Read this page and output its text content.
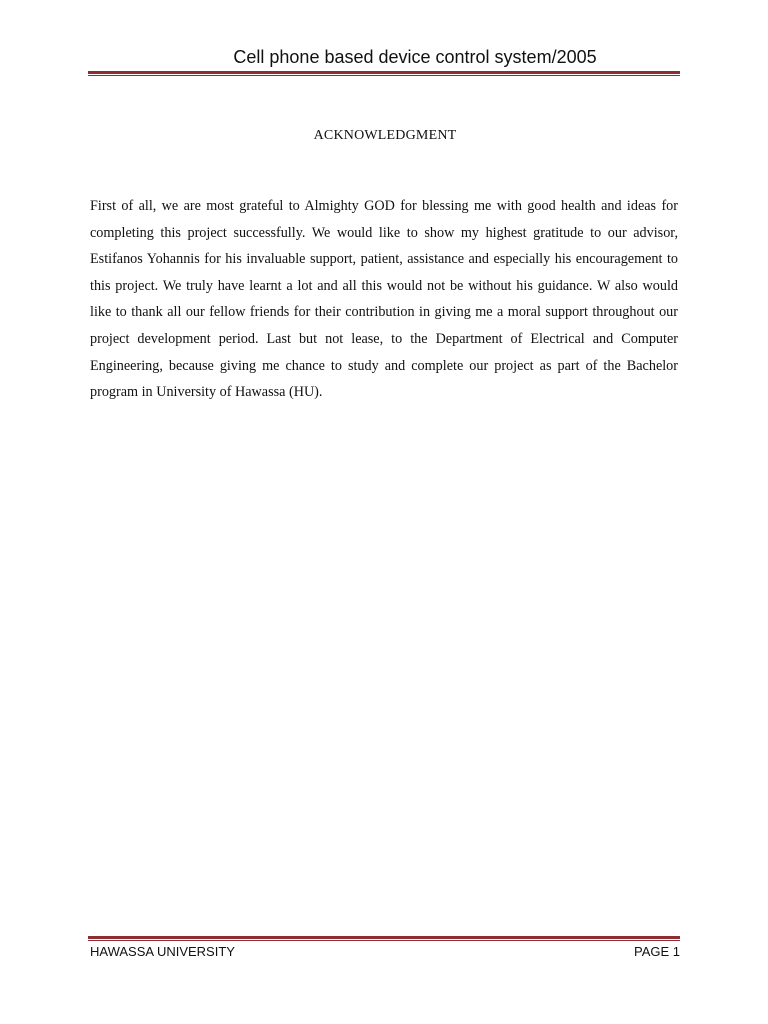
Cell phone based device control system/2005
ACKNOWLEDGMENT

First of all, we are most grateful to Almighty GOD for blessing me with good health and ideas for completing this project successfully. We would like to show my highest gratitude to our advisor, Estifanos Yohannis for his invaluable support, patient, assistance and especially his encouragement to this project. We truly have learnt a lot and all this would not be without his guidance. W also would like to thank all our fellow friends for their contribution in giving me a moral support throughout our project development period. Last but not lease, to the Department of Electrical and Computer Engineering, because giving me chance to study and complete our project as part of the Bachelor program in University of Hawassa (HU).

HAWASSA UNIVERSITY	PAGE 1
